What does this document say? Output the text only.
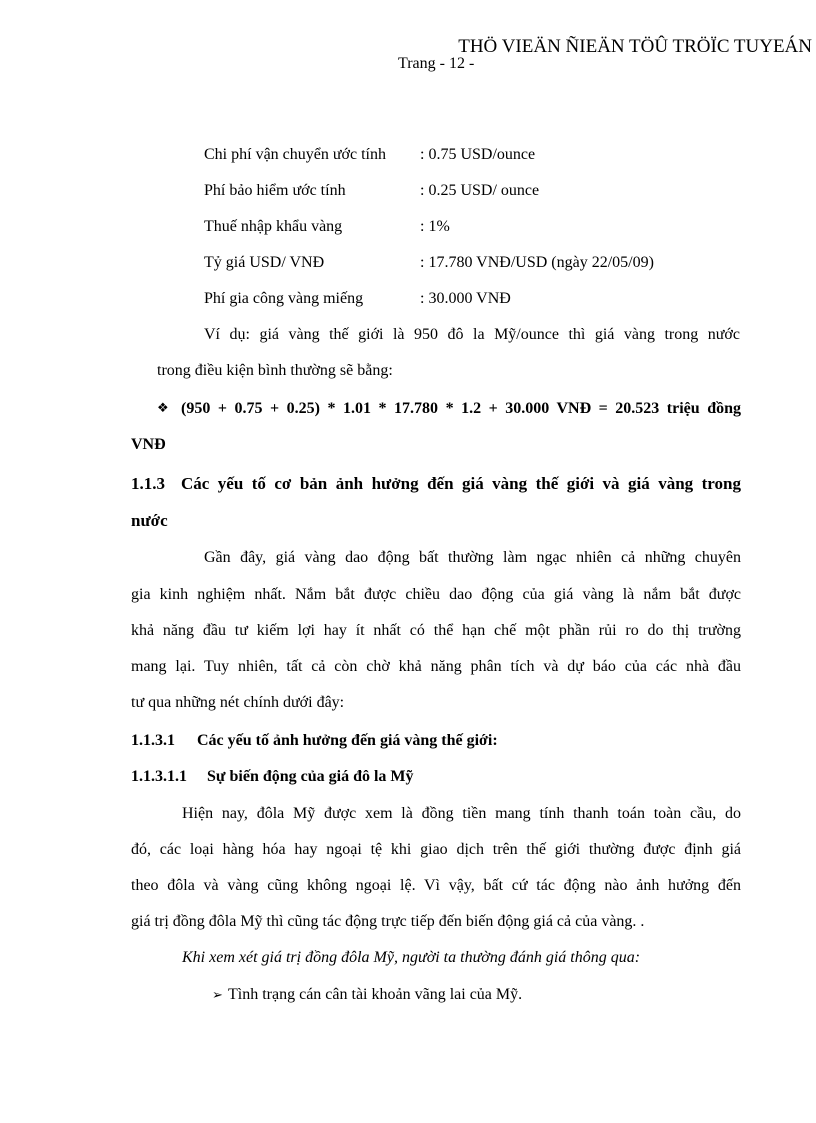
THÖ VIEÄN ÑIEÄN TÖÛ TRÖÏC TUYEÁN
Trang - 12 -
Chi phí vận chuyển ước tính : 0.75 USD/ounce
Phí bảo hiểm ước tính	: 0.25 USD/ ounce
Thuế nhập khẩu vàng	: 1%
Tỷ giá USD/ VNĐ	: 17.780 VNĐ/USD (ngày 22/05/09)
Phí gia công vàng miếng	: 30.000 VNĐ
Ví dụ: giá vàng thế giới là 950 đô la Mỹ/ounce thì giá vàng trong nước
trong điều kiện bình thường sẽ bằng:
❖ (950 + 0.75 + 0.25) * 1.01 * 17.780 * 1.2 + 30.000 VNĐ = 20.523 triệu đồng
VNĐ
1.1.3 Các yếu tố cơ bản ảnh hưởng đến giá vàng thế giới và giá vàng trong
nước
Gần đây, giá vàng dao động bất thường làm ngạc nhiên cả những chuyên
gia kinh nghiệm nhất. Nắm bắt được chiều dao động của giá vàng là nắm bắt được
khả năng đầu tư kiếm lợi hay ít nhất có thể hạn chế một phần rủi ro do thị trường
mang lại. Tuy nhiên, tất cả còn chờ khả năng phân tích và dự báo của các nhà đầu
tư qua những nét chính dưới đây:
1.1.3.1 Các yếu tố ảnh hưởng đến giá vàng thế giới:
1.1.3.1.1 Sự biến động của giá đô la Mỹ
Hiện nay, đôla Mỹ được xem là đồng tiền mang tính thanh toán toàn cầu, do
đó, các loại hàng hóa hay ngoại tệ khi giao dịch trên thế giới thường được định giá
theo đôla và vàng cũng không ngoại lệ. Vì vậy, bất cứ tác động nào ảnh hưởng đến
giá trị đồng đôla Mỹ thì cũng tác động trực tiếp đến biến động giá cả của vàng. .
Khi xem xét giá trị đồng đôla Mỹ, người ta thường đánh giá thông qua:
➢ Tình trạng cán cân tài khoản vãng lai của Mỹ.
